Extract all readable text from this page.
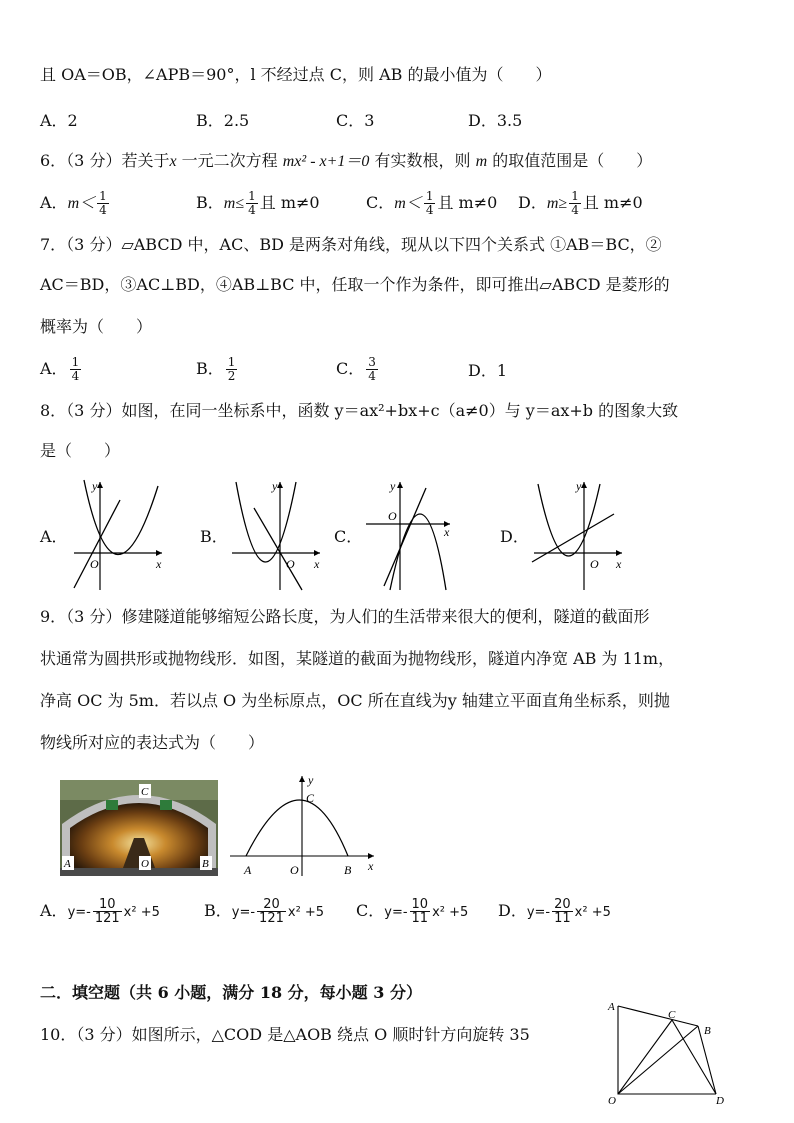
且 OA＝OB，∠APB＝90°，l 不经过点 C，则 AB 的最小值为（　　）
A．2	B．2.5	C．3	D．3.5
6．（3 分）若关于x 一元二次方程 mx² - x+1＝0 有实数根，则 m 的取值范围是（　　）
A．$m< \frac{1}{4}$	B．$m\le \frac{1}{4}$ 且 m≠0	C．$m< \frac{1}{4}$ 且 m≠0 D．$m\ge \frac{1}{4}$ 且 m≠0
7．（3 分）▱ABCD 中，AC、BD 是两条对角线，现从以下四个关系式 ①AB＝BC，②
AC＝BD，③AC⊥BD，④AB⊥BC 中，任取一个作为条件，即可推出▱ABCD 是菱形的
概率为（　　）
A． $\frac{1}{4}$	B． $\frac{1}{2}$	C． $\frac{3}{4}$	D．1
8．（3 分）如图，在同一坐标系中，函数 y＝ax²+bx+c（a≠0）与 y＝ax+b 的图象大致
是（　　）
A．	B．	C．	D．
O	x
y
O x
y
O
x
y
O x
y
9．（3 分）修建隧道能够缩短公路长度，为人们的生活带来很大的便利，隧道的截面形
状通常为圆拱形或抛物线形．如图，某隧道的截面为抛物线形，隧道内净宽 AB 为 11m，
净高 OC 为 5m．若以点 O 为坐标原点，OC 所在直线为y 轴建立平面直角坐标系，则抛
物线所对应的表达式为（　　）
C
A	O	B	A	B
C
O	x
y
A．$y=- \frac{10}{121} x^2 +5$	B．$y=- \frac{20}{121} x^2 +5$ C．$y=- \frac{10}{11} x^2 +5$ D．$y=- \frac{20}{11} x^2 +5$
二．填空题（共 6 小题，满分 18 分，每小题 3 分）
10．（3 分）如图所示，△COD 是△AOB 绕点 O 顺时针方向旋转 35
A
B
C
D
O
